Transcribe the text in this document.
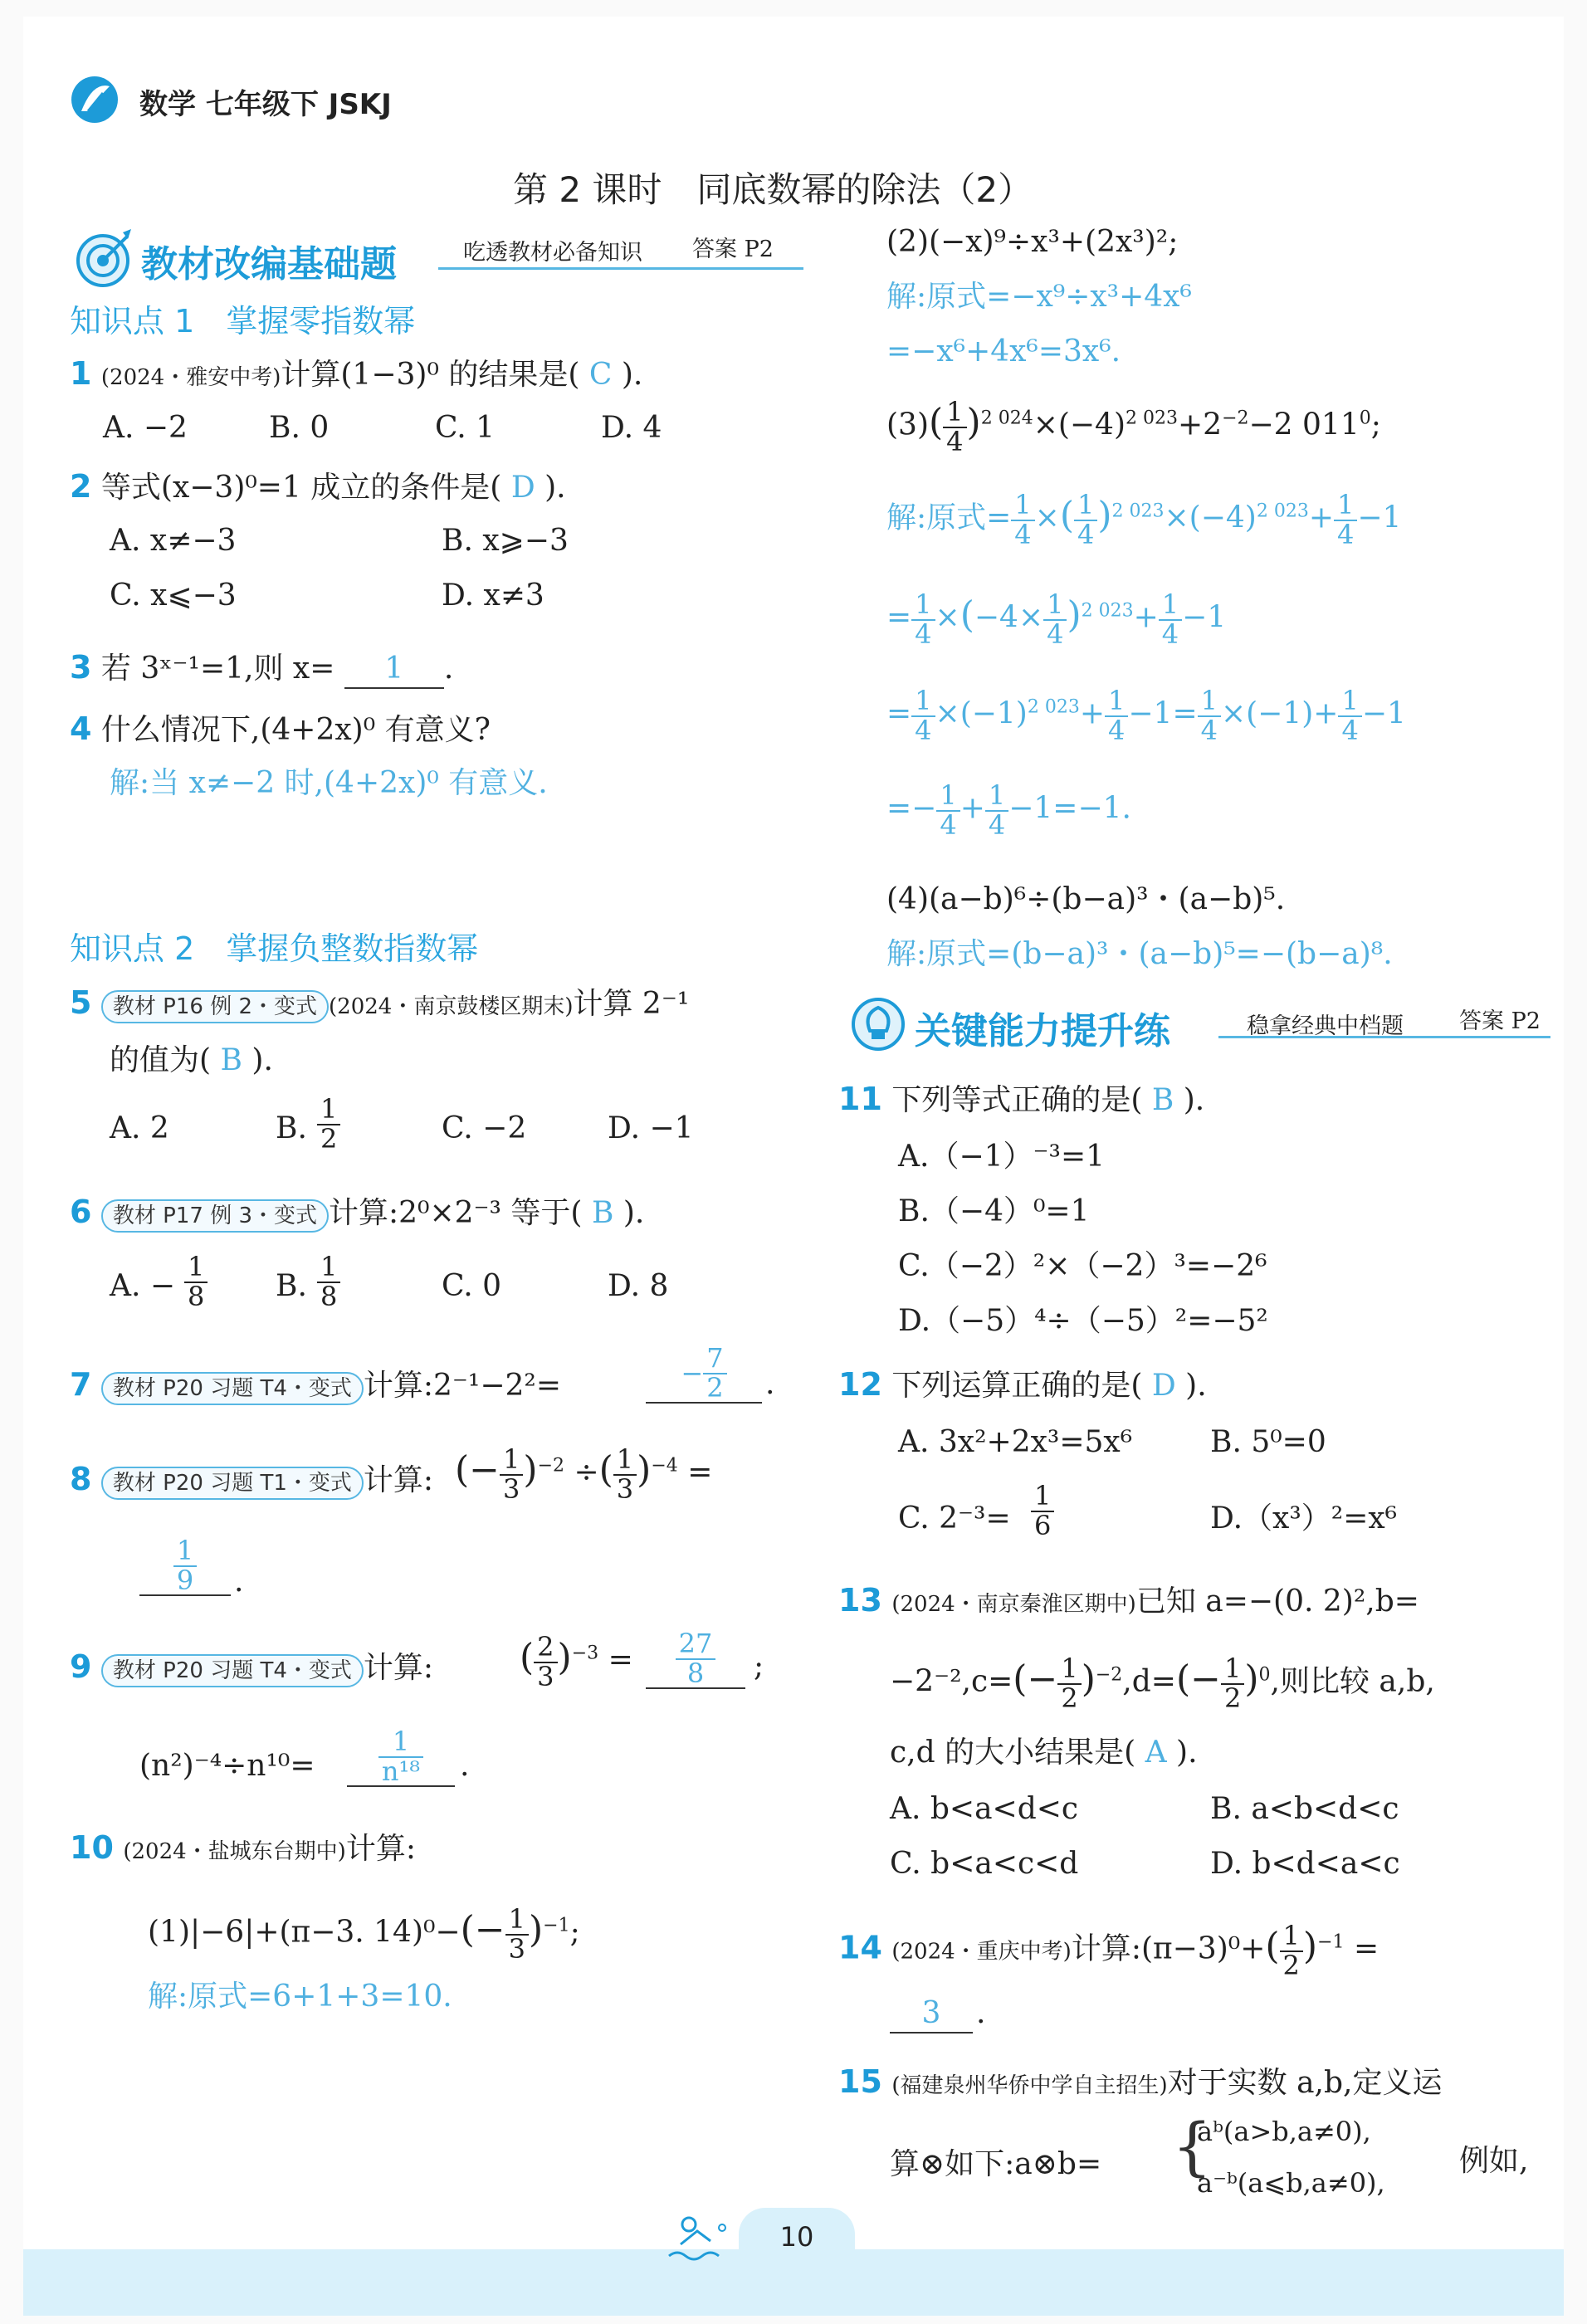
数学 七年级下 JSKJ
第 2 课时　同底数幂的除法（2）
教材改编基础题	吃透教材必备知识 答案 P2
知识点 1　掌握零指数幂
1 (2024・雅安中考)计算(1−3)⁰ 的结果是( C ).
A. −2	B. 0	C. 1	D. 4
2 等式(x−3)⁰=1 成立的条件是( D ).
A. x≠−3	B. x⩾−3
C. x⩽−3	D. x≠3
3 若 3ˣ⁻¹=1,则 x= 1 .
4 什么情况下,(4+2x)⁰ 有意义?
解:当 x≠−2 时,(4+2x)⁰ 有意义.
知识点 2　掌握负整数指数幂
5 教材 P16 例 2・变式 (2024・南京鼓楼区期末)计算 2⁻¹
的值为( B ).
A. 2	B. $\frac{1}{2}$	C. −2	D. −1
6 教材 P17 例 3・变式 计算:2⁰×2⁻³ 等于( B ).
A. − $\frac{1}{8} B$. $\frac{1}{8}$	C. 0	D. 8
7 教材 P20 习题 T4・变式 计算:2⁻¹−2²=	− $\frac{7}{2}$ .
8 教材 P20 习题 T1・变式 计算: (− $\frac{1}{3} )^{-2}$ ÷( $\frac{1}{3} )^{-4}$ =
$\frac{1}{9}$ .
9 教材 P20 习题 T4・变式 计算: ( $\frac{2}{3} )^{-3} = \frac{27}{8}$ ;
$(n^2)^{-4}\div n^{10}= \frac{1}{\text{n¹⁸}}$ .
10 (2024・盐城东台期中)计算:
(1)|−6|+(π−3. $14)^0-(- \frac{1}{3} )^{-1}$;
解:原式=6+1+3=10.
(2)(−x)⁹÷x³+(2x³)²;
解:原式=−x⁹÷x³+4x⁶
=−x⁶+4x⁶=3x⁶.
$(3)( \frac{1}{4} )^{2 024}\times(-4)^{2 023}+2^{-2}-2$ $011^0$;
解:原式= $\frac{1}{4}$ ×( $\frac{1}{4} )^{2 023}\times(-4)^{2 023}+ \frac{1}{4} -1$
= $\frac{1}{4} \times(-4\times \frac{1}{4} )^{2 023}+ \frac{1}{4} -1$
= $\frac{1}{4} \times(-1)^{2 023}+ \frac{1}{4} -1= \frac{1}{4} \times(-1)+ \frac{1}{4} -1$
=− $\frac{1}{4} + \frac{1}{4} -1=-1$.
(4)(a−b)⁶÷(b−a)³・(a−b)⁵.
解:原式=(b−a)³・(a−b)⁵=−(b−a)⁸.
关键能力提升练	稳拿经典中档题 答案 P2
11 下列等式正确的是( B ).
A.（−1）⁻³=1
B.（−4）⁰=1
C.（−2）²×（−2）³=−2⁶
D.（−5）⁴÷（−5）²=−5²
12 下列运算正确的是( D ).
A. 3x²+2x³=5x⁶	B. 5⁰=0
C. $2^{-3}= \frac{1}{6}$	D.（x³）²=x⁶
13 (2024・南京秦淮区期中)已知 a=−(0. 2)²,b=
$-2^{-2},c=(- \frac{1}{2} )^{-2},d=(- \frac{1}{2} )^0$,则比较 a,b,
c,d 的大小结果是( A ).
A. b<a<d<c	B. a<b<d<c
C. b<a<c<d	D. b<d<a<c
14 (2024・重庆中考)计算:(π−3)⁰+( $\frac{1}{2} )^{-1}$ =
3	.
15 (福建泉州华侨中学自主招生)对于实数 a,b,定义运
算⊗如下:a⊗b= {
aᵇ(a>b,a≠0),
a⁻ᵇ(a⩽b,a≠0),
例如,
10
